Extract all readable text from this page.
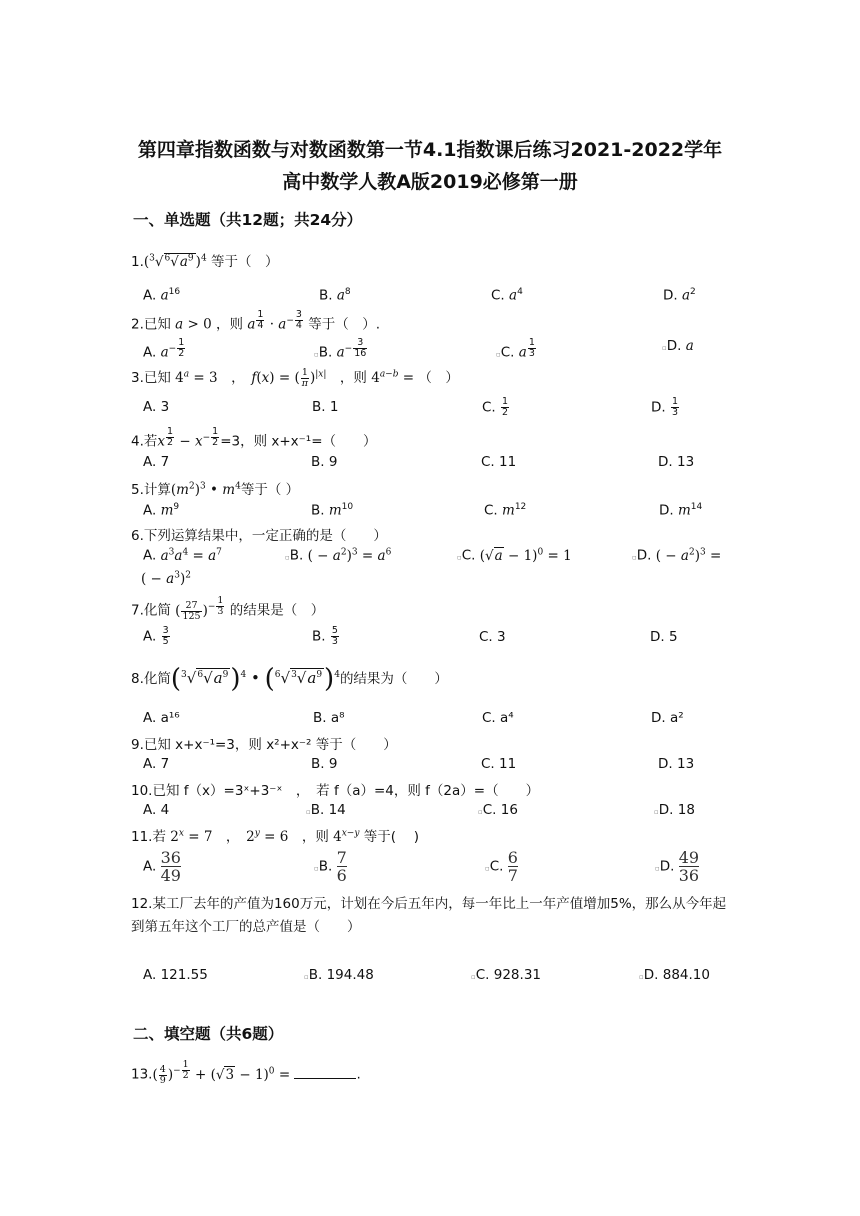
第四章指数函数与对数函数第一节4.1指数课后练习2021-2022学年
高中数学人教A版2019必修第一册
一、单选题（共12题；共24分）
$1.(^3√^6√a^9$ )$^4$ 等于（　）
A. $a^{16}$	B. $a^8$	C. $a^4$	D. $a^2$
2.已知 a > 0 ，则 a $^{\frac{1}{4}} \cdot a^{- \frac{3}{4}}$ 等于（　）.
A. $a^{- \frac{1}{2}}$	▫B. $a^{- \frac{3}{16}}$	▫C. a $^{\frac{1}{3}}$	▫D. a
3.已知 $4^a = 3$　，　f(x) = ( $\frac{1}{\pi} )^{|x|}$　，则 $4^{a-b}$ = （　）
A. 3	B. 1	C. $\frac{1}{2}$	D. $\frac{1}{3}$
4.若x $^{\frac{1}{2}} - x^{- \frac{1}{2}} =3$，则 x+x⁻¹=（　　）
A. 7	B. 9	C. 11	D. 13
5.计算$(m^2)^3$ • $m^4$等于（ ）
A. $m^9$	B. $m^{10}$	C. $m^{12}$	D. $m^{14}$
6.下列运算结果中，一定正确的是（　　）
A. $a^3a^4 = a^7$
▫B. ( − $a^2)^3 = a^6$
▫C. $(√a - 1)^0 = 1$	▫D. ( − $a^2)^3$ =
( − $a^3)^2$
7.化简 ( $\frac{27}{125} )^{- \frac{1}{3}}$ 的结果是（　）
A. $\frac{3}{5}$	B. $\frac{5}{3}$	C. 3	D. 5
8.化简$(^3√^6√a^9)^4$ • $(^6√^3√a^9)^4$的结果为（　　）
A. a¹⁶	B. a⁸	C. a⁴	D. a²
9.已知 x+x⁻¹=3，则 x²+x⁻² 等于（　　）
A. 7	B. 9	C. 11	D. 13
10.已知 f（x）=3ˣ+3⁻ˣ　，　若 f（a）=4，则 f（2a）=（　　）
A. 4	▫B. 14	▫C. 16	▫D. 18
11.若 $2^x = 7$　，　$2^y = 6$　，则 $4^{x-y}$ 等于(　 )
A. $\frac{36}{49}$	▫B. $\frac{7}{6}$	▫C. $\frac{6}{7}$	▫D. $\frac{49}{36}$
12.某工厂去年的产值为160万元，计划在今后五年内，每一年比上一年产值增加5%，那么从今年起到第五年这个工厂的总产值是（　　）
A. 121.55	▫B. 194.48	▫C. 928.31	▫D. 884.10
二、填空题（共6题）
$13.( \frac{4}{9} )^{- \frac{1}{2}} + (√3 - 1)^0$ =	.
